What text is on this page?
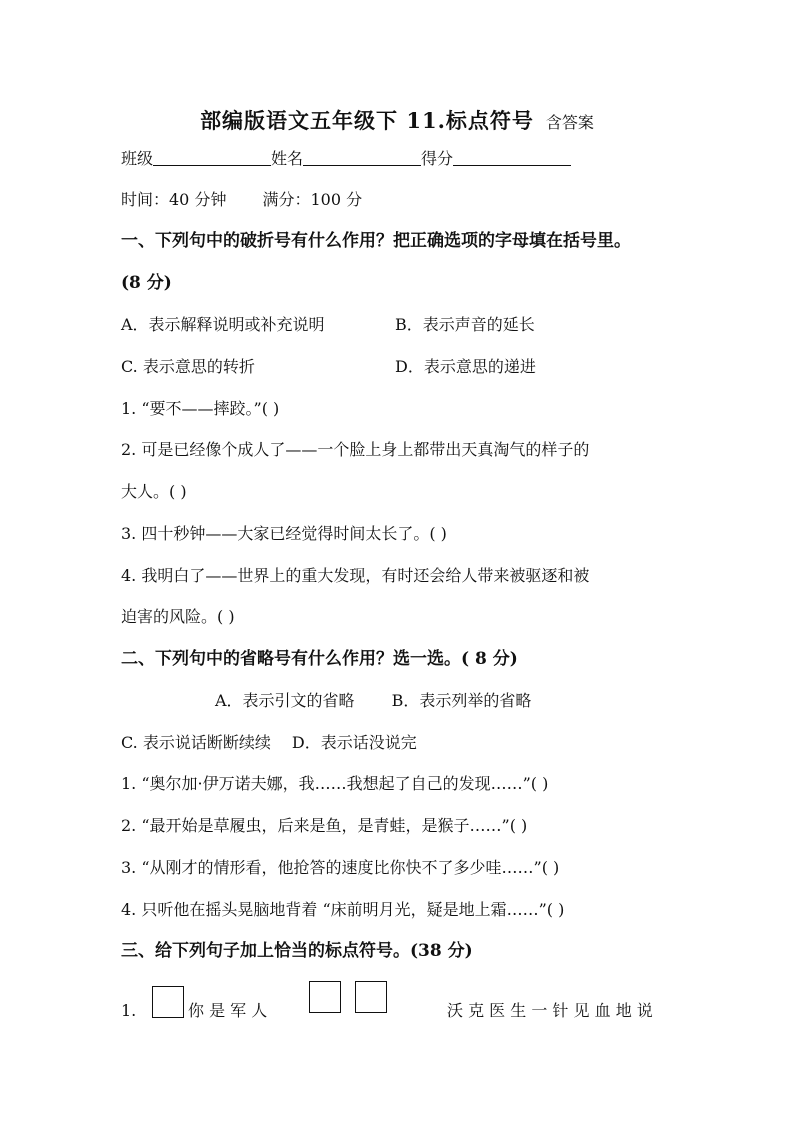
部编版语文五年级下 11.标点符号 含答案
班级	姓名	得分
时间：40 分钟 满分：100 分
一、下列句中的破折号有什么作用？把正确选项的字母填在括号里。
(8 分)
A．表示解释说明或补充说明	B．表示声音的延长
C. 表示意思的转折	D．表示意思的递进
1. “要不——摔跤。”( )
2. 可是已经像个成人了——一个脸上身上都带出天真淘气的样子的
大人。( )
3. 四十秒钟——大家已经觉得时间太长了。( )
4. 我明白了——世界上的重大发现，有时还会给人带来被驱逐和被
迫害的风险。( )
二、下列句中的省略号有什么作用？选一选。( 8 分)
A．表示引文的省略　　 B．表示列举的省略
C. 表示说话断断续续　 D．表示话没说完
1. “奥尔加·伊万诺夫娜，我……我想起了自己的发现……”( )
2. “最开始是草履虫，后来是鱼，是青蛙，是猴子……”( )
3. “从刚才的情形看，他抢答的速度比你快不了多少哇……”( )
4. 只听他在摇头晃脑地背着 “床前明月光，疑是地上霜……”( )
三、给下列句子加上恰当的标点符号。(38 分)
1.	你 是 军 人	沃 克 医 生 一 针 见 血 地 说
